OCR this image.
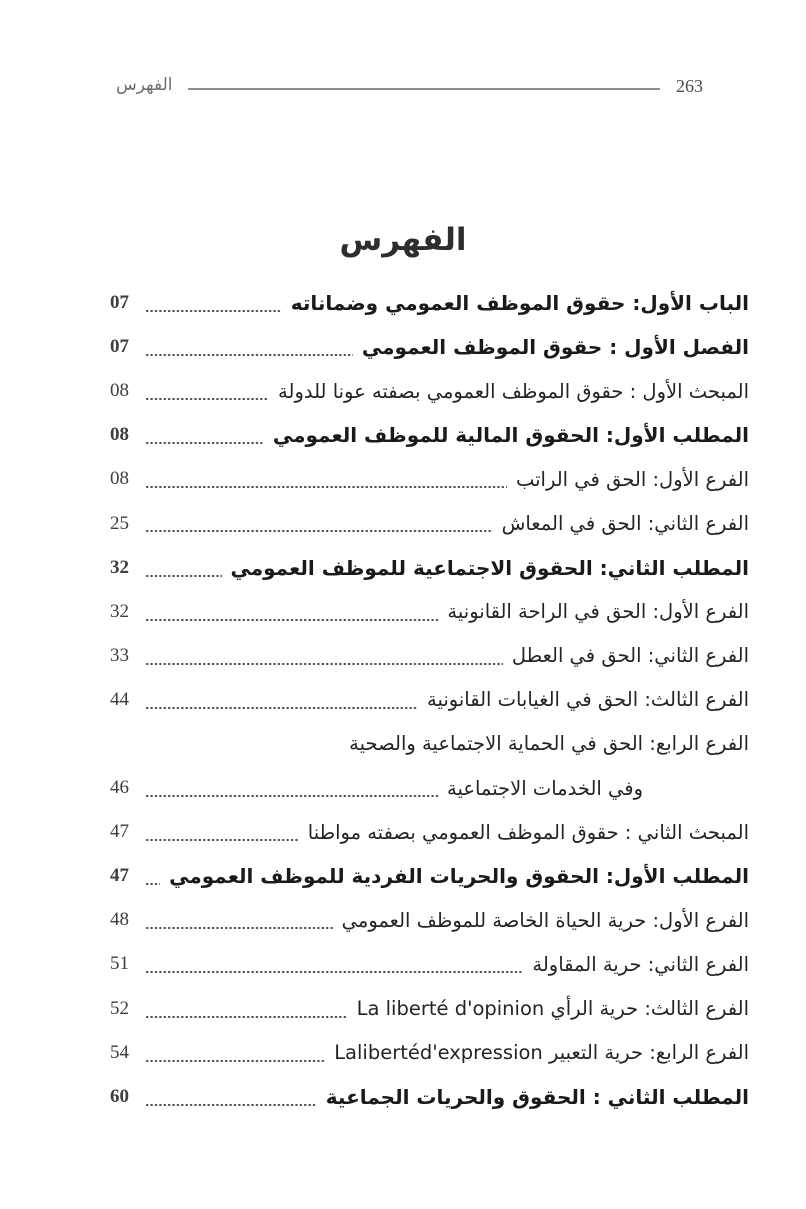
الفهرس	263
الفهرس
الباب الأول: حقوق الموظف العمومي وضماناته
07
الفصل الأول : حقوق الموظف العمومي
07
المبحث الأول : حقوق الموظف العمومي بصفته عونا للدولة
08
المطلب الأول: الحقوق المالية للموظف العمومي
08
الفرع الأول: الحق في الراتب
08
الفرع الثاني: الحق في المعاش
25
المطلب الثاني: الحقوق الاجتماعية للموظف العمومي
32
الفرع الأول: الحق في الراحة القانونية
32
الفرع الثاني: الحق في العطل
33
الفرع الثالث: الحق في الغيابات القانونية
44
الفرع الرابع: الحق في الحماية الاجتماعية والصحية
وفي الخدمات الاجتماعية
46
المبحث الثاني : حقوق الموظف العمومي بصفته مواطنا
47
المطلب الأول: الحقوق والحريات الفردية للموظف العمومي
47
الفرع الأول: حرية الحياة الخاصة للموظف العمومي
48
الفرع الثاني: حرية المقاولة
51
الفرع الثالث: حرية الرأي La liberté d'opinion
52
الفرع الرابع: حرية التعبير Lalibertéd'expression
54
المطلب الثاني : الحقوق والحريات الجماعية
60
